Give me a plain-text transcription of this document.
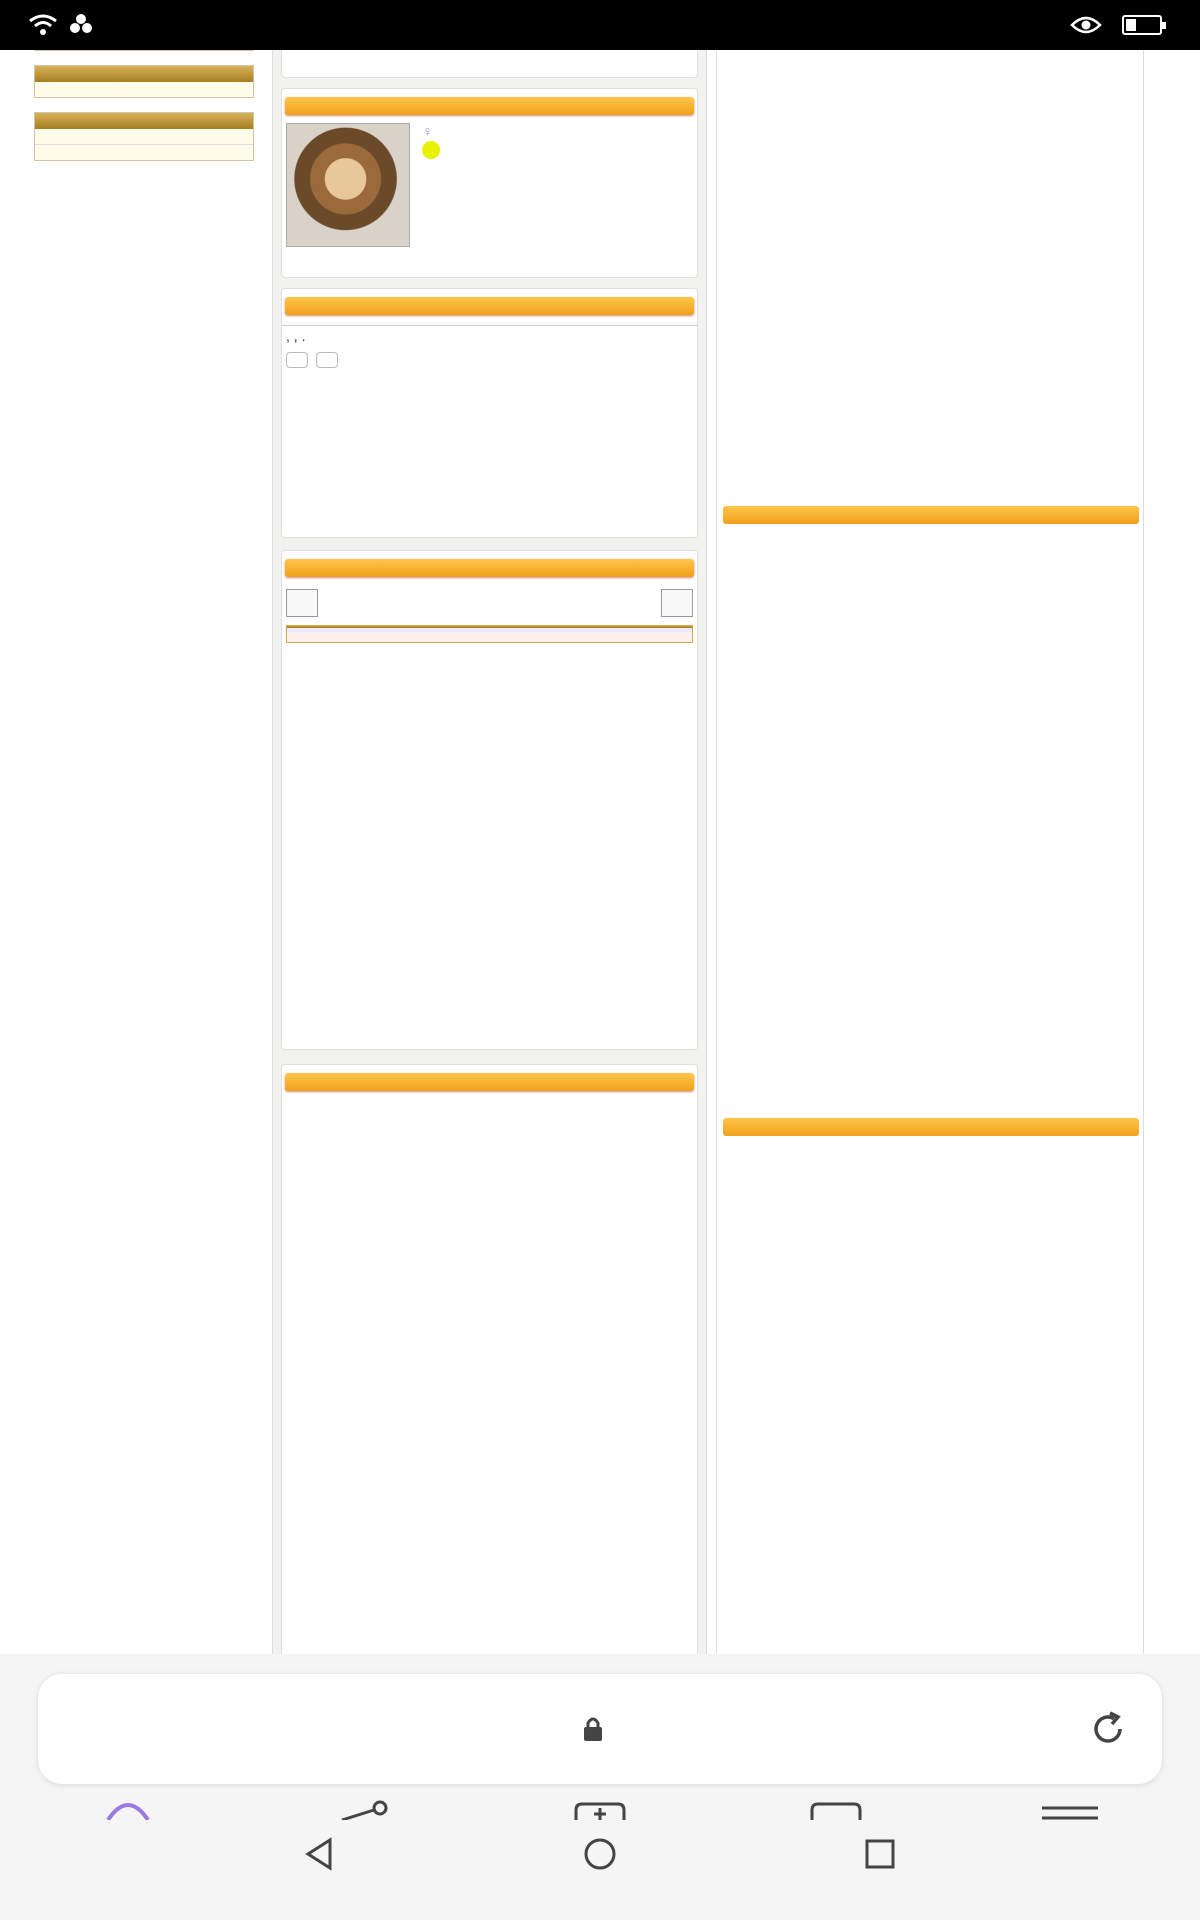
♀

, , .
